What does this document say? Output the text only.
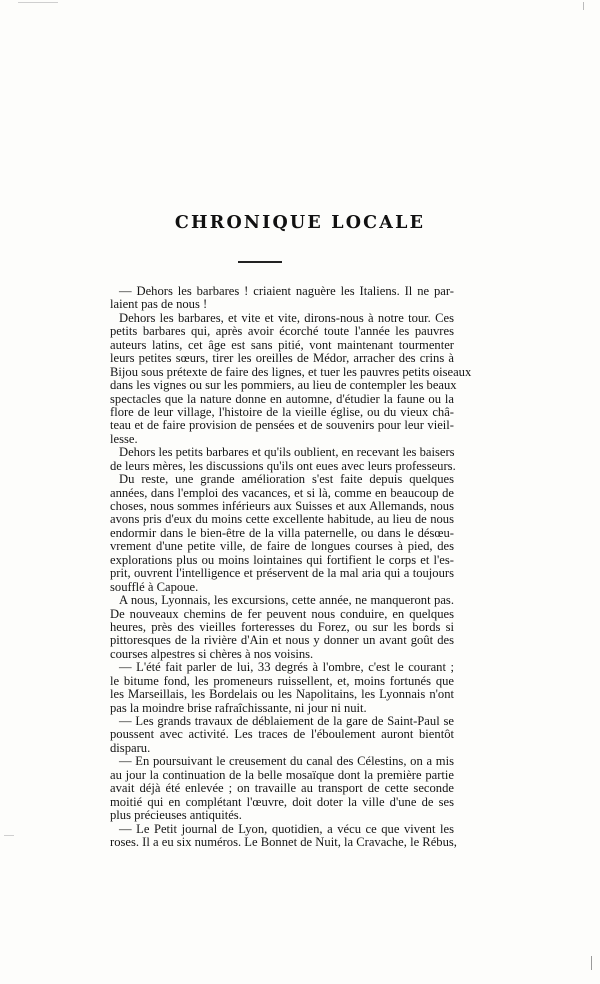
CHRONIQUE LOCALE
— Dehors les barbares ! criaient naguère les Italiens. Il ne par-
laient pas de nous !
Dehors les barbares, et vite et vite, dirons-nous à notre tour. Ces
petits barbares qui, après avoir écorché toute l'année les pauvres
auteurs latins, cet âge est sans pitié, vont maintenant tourmenter
leurs petites sœurs, tirer les oreilles de Médor, arracher des crins à
Bijou sous prétexte de faire des lignes, et tuer les pauvres petits oiseaux
dans les vignes ou sur les pommiers, au lieu de contempler les beaux
spectacles que la nature donne en automne, d'étudier la faune ou la
flore de leur village, l'histoire de la vieille église, ou du vieux châ-
teau et de faire provision de pensées et de souvenirs pour leur vieil-
lesse.
Dehors les petits barbares et qu'ils oublient, en recevant les baisers
de leurs mères, les discussions qu'ils ont eues avec leurs professeurs.
Du reste, une grande amélioration s'est faite depuis quelques
années, dans l'emploi des vacances, et si là, comme en beaucoup de
choses, nous sommes inférieurs aux Suisses et aux Allemands, nous
avons pris d'eux du moins cette excellente habitude, au lieu de nous
endormir dans le bien-être de la villa paternelle, ou dans le désœu-
vrement d'une petite ville, de faire de longues courses à pied, des
explorations plus ou moins lointaines qui fortifient le corps et l'es-
prit, ouvrent l'intelligence et préservent de la mal aria qui a toujours
soufflé à Capoue.
A nous, Lyonnais, les excursions, cette année, ne manqueront pas.
De nouveaux chemins de fer peuvent nous conduire, en quelques
heures, près des vieilles forteresses du Forez, ou sur les bords si
pittoresques de la rivière d'Ain et nous y donner un avant goût des
courses alpestres si chères à nos voisins.
— L'été fait parler de lui, 33 degrés à l'ombre, c'est le courant ;
le bitume fond, les promeneurs ruissellent, et, moins fortunés que
les Marseillais, les Bordelais ou les Napolitains, les Lyonnais n'ont
pas la moindre brise rafraîchissante, ni jour ni nuit.
— Les grands travaux de déblaiement de la gare de Saint-Paul se
poussent avec activité. Les traces de l'éboulement auront bientôt
disparu.
— En poursuivant le creusement du canal des Célestins, on a mis
au jour la continuation de la belle mosaïque dont la première partie
avait déjà été enlevée ; on travaille au transport de cette seconde
moitié qui en complétant l'œuvre, doit doter la ville d'une de ses
plus précieuses antiquités.
— Le Petit journal de Lyon, quotidien, a vécu ce que vivent les
roses. Il a eu six numéros. Le Bonnet de Nuit, la Cravache, le Rébus,
